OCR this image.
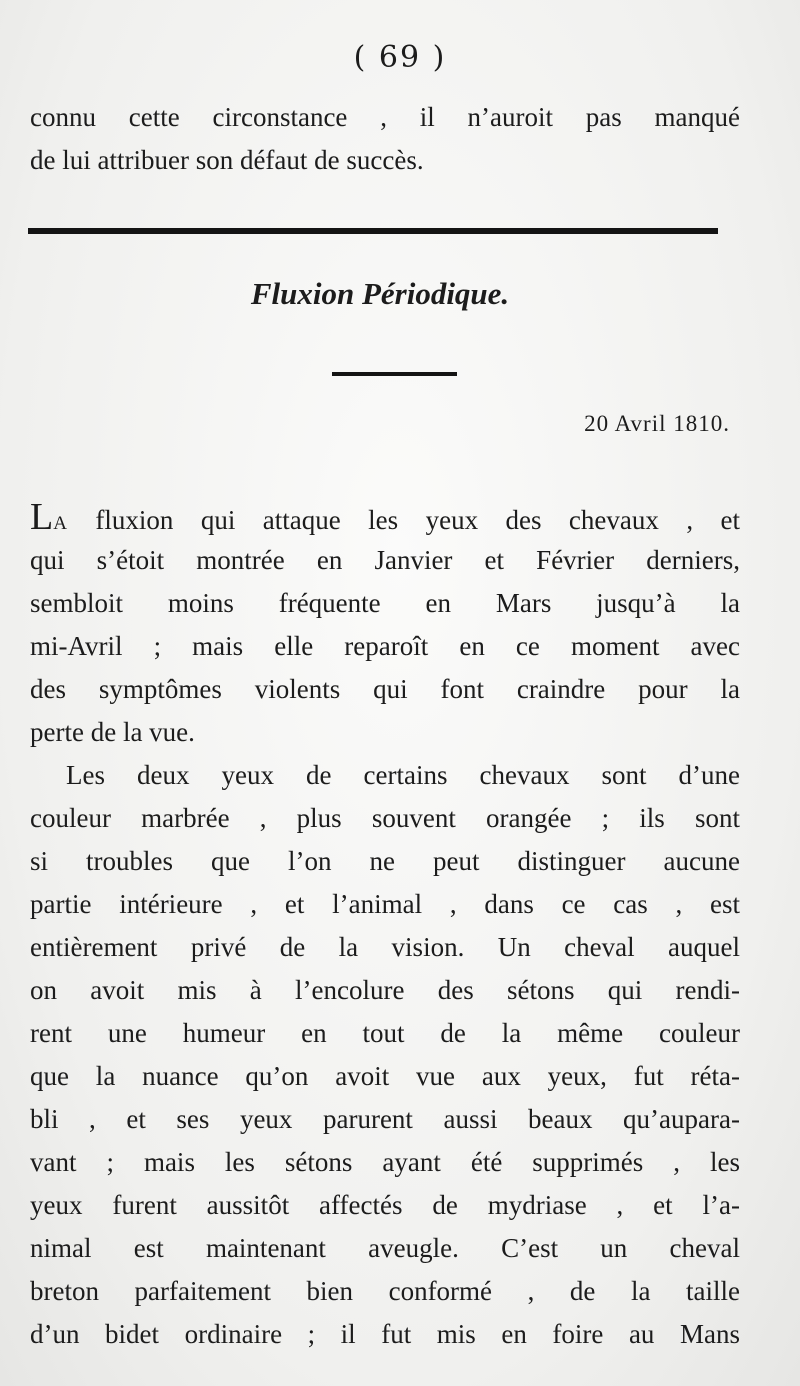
( 69 )
connu cette circonstance , il n’auroit pas manqué
de lui attribuer son défaut de succès.
Fluxion Périodique.
20 Avril 1810.
LA fluxion qui attaque les yeux des chevaux , et
qui s’étoit montrée en Janvier et Février derniers,
sembloit moins fréquente en Mars jusqu’à la
mi-Avril ; mais elle reparoît en ce moment avec
des symptômes violents qui font craindre pour la
perte de la vue.
Les deux yeux de certains chevaux sont d’une
couleur marbrée , plus souvent orangée ; ils sont
si troubles que l’on ne peut distinguer aucune
partie intérieure , et l’animal , dans ce cas , est
entièrement privé de la vision. Un cheval auquel
on avoit mis à l’encolure des sétons qui rendi-
rent une humeur en tout de la même couleur
que la nuance qu’on avoit vue aux yeux, fut réta-
bli , et ses yeux parurent aussi beaux qu’aupara-
vant ; mais les sétons ayant été supprimés , les
yeux furent aussitôt affectés de mydriase , et l’a-
nimal est maintenant aveugle. C’est un cheval
breton parfaitement bien conformé , de la taille
d’un bidet ordinaire ; il fut mis en foire au Mans
